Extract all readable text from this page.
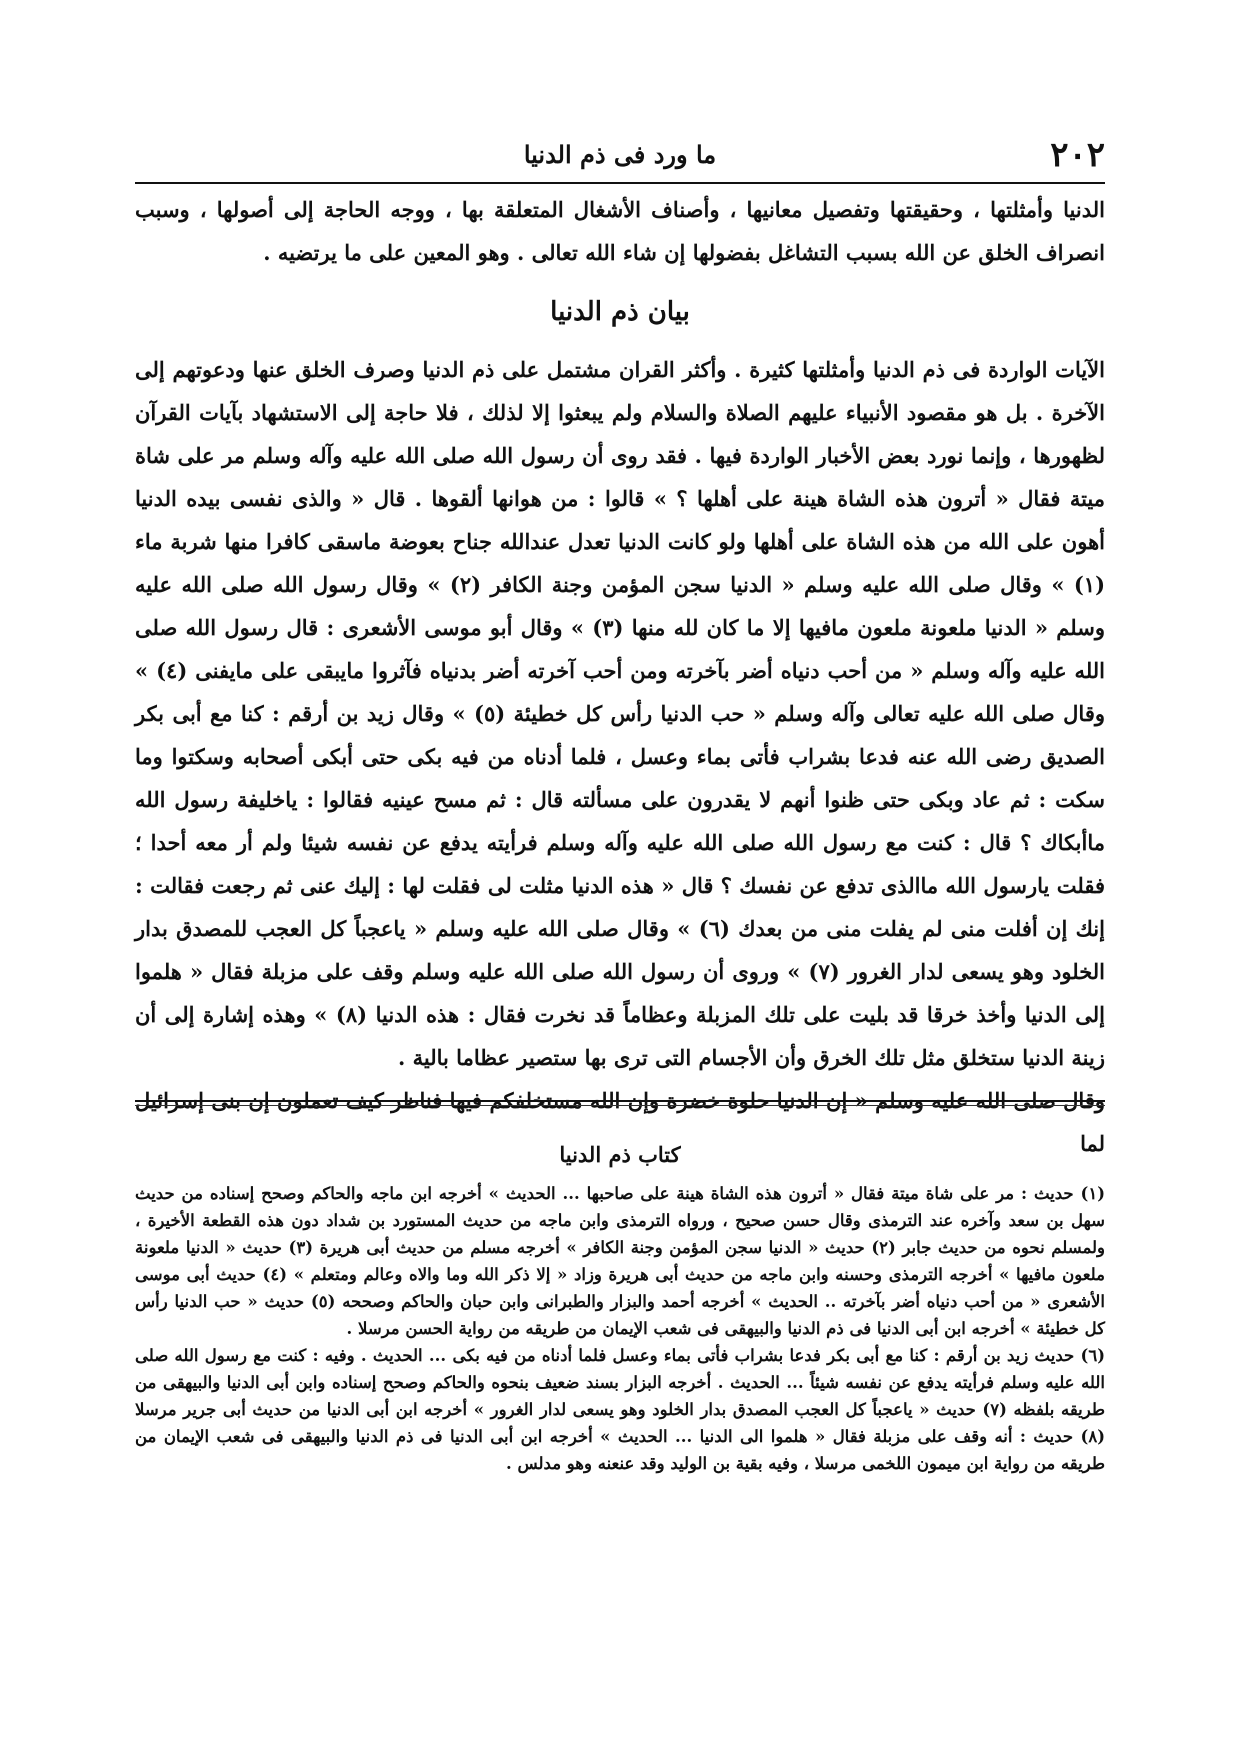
٢٠٢
ما ورد فى ذم الدنيا

الدنيا وأمثلتها ، وحقيقتها وتفصيل معانيها ، وأصناف الأشغال المتعلقة بها ، ووجه الحاجة إلى أصولها ، وسبب انصراف الخلق عن الله بسبب التشاغل بفضولها إن شاء الله تعالى . وهو المعين على ما يرتضيه .

بيان ذم الدنيا

الآيات الواردة فى ذم الدنيا وأمثلتها كثيرة . وأكثر القران مشتمل على ذم الدنيا وصرف الخلق عنها ودعوتهم إلى الآخرة . بل هو مقصود الأنبياء عليهم الصلاة والسلام ولم يبعثوا إلا لذلك ، فلا حاجة إلى الاستشهاد بآيات القرآن لظهورها ، وإنما نورد بعض الأخبار الواردة فيها . فقد روى أن رسول الله صلى الله عليه وآله وسلم مر على شاة ميتة فقال « أترون هذه الشاة هينة على أهلها ؟ » قالوا : من هوانها ألقوها . قال « والذى نفسى بيده الدنيا أهون على الله من هذه الشاة على أهلها ولو كانت الدنيا تعدل عندالله جناح بعوضة ماسقى كافرا منها شربة ماء (١) » وقال صلى الله عليه وسلم « الدنيا سجن المؤمن وجنة الكافر (٢) » وقال رسول الله صلى الله عليه وسلم « الدنيا ملعونة ملعون مافيها إلا ما كان لله منها (٣) » وقال أبو موسى الأشعرى : قال رسول الله صلى الله عليه وآله وسلم « من أحب دنياه أضر بآخرته ومن أحب آخرته أضر بدنياه فآثروا مايبقى على مايفنى (٤) » وقال صلى الله عليه تعالى وآله وسلم « حب الدنيا رأس كل خطيئة (٥) » وقال زيد بن أرقم : كنا مع أبى بكر الصديق رضى الله عنه فدعا بشراب فأتى بماء وعسل ، فلما أدناه من فيه بكى حتى أبكى أصحابه وسكتوا وما سكت : ثم عاد وبكى حتى ظنوا أنهم لا يقدرون على مسألته قال : ثم مسح عينيه فقالوا : ياخليفة رسول الله ماأبكاك ؟ قال : كنت مع رسول الله صلى الله عليه وآله وسلم فرأيته يدفع عن نفسه شيئا ولم أر معه أحدا ؛ فقلت يارسول الله ماالذى تدفع عن نفسك ؟ قال « هذه الدنيا مثلت لى فقلت لها : إليك عنى ثم رجعت فقالت : إنك إن أفلت منى لم يفلت منى من بعدك (٦) » وقال صلى الله عليه وسلم « ياعجباً كل العجب للمصدق بدار الخلود وهو يسعى لدار الغرور (٧) » وروى أن رسول الله صلى الله عليه وسلم وقف على مزبلة فقال « هلموا إلى الدنيا وأخذ خرقا قد بليت على تلك المزبلة وعظاماً قد نخرت فقال : هذه الدنيا (٨) » وهذه إشارة إلى أن زينة الدنيا ستخلق مثل تلك الخرق وأن الأجسام التى ترى بها ستصير عظاما بالية .

وقال صلى الله عليه وسلم « إن الدنيا حلوة خضرة وإن الله مستخلفكم فيها فناظر كيف تعملون إن بنى إسرائيل لما

كتاب ذم الدنيا

(١) حديث : مر على شاة ميتة فقال « أترون هذه الشاة هينة على صاحبها ... الحديث » أخرجه ابن ماجه والحاكم وصحح إسناده من حديث سهل بن سعد وآخره عند الترمذى وقال حسن صحيح ، ورواه الترمذى وابن ماجه من حديث المستورد بن شداد دون هذه القطعة الأخيرة ، ولمسلم نحوه من حديث جابر (٢) حديث « الدنيا سجن المؤمن وجنة الكافر » أخرجه مسلم من حديث أبى هريرة (٣) حديث « الدنيا ملعونة ملعون مافيها » أخرجه الترمذى وحسنه وابن ماجه من حديث أبى هريرة وزاد « إلا ذكر الله وما والاه وعالم ومتعلم » (٤) حديث أبى موسى الأشعرى « من أحب دنياه أضر بآخرته .. الحديث » أخرجه أحمد والبزار والطبرانى وابن حبان والحاكم وصححه (٥) حديث « حب الدنيا رأس كل خطيئة » أخرجه ابن أبى الدنيا فى ذم الدنيا والبيهقى فى شعب الإيمان من طريقه من رواية الحسن مرسلا .

(٦) حديث زيد بن أرقم : كنا مع أبى بكر فدعا بشراب فأتى بماء وعسل فلما أدناه من فيه بكى ... الحديث . وفيه : كنت مع رسول الله صلى الله عليه وسلم فرأيته يدفع عن نفسه شيئاً ... الحديث . أخرجه البزار بسند ضعيف بنحوه والحاكم وصحح إسناده وابن أبى الدنيا والبيهقى من طريقه بلفظه (٧) حديث « ياعجباً كل العجب المصدق بدار الخلود وهو يسعى لدار الغرور » أخرجه ابن أبى الدنيا من حديث أبى جرير مرسلا (٨) حديث : أنه وقف على مزبلة فقال « هلموا الى الدنيا ... الحديث » أخرجه ابن أبى الدنيا فى ذم الدنيا والبيهقى فى شعب الإيمان من طريقه من رواية ابن ميمون اللخمى مرسلا ، وفيه بقية بن الوليد وقد عنعنه وهو مدلس .
